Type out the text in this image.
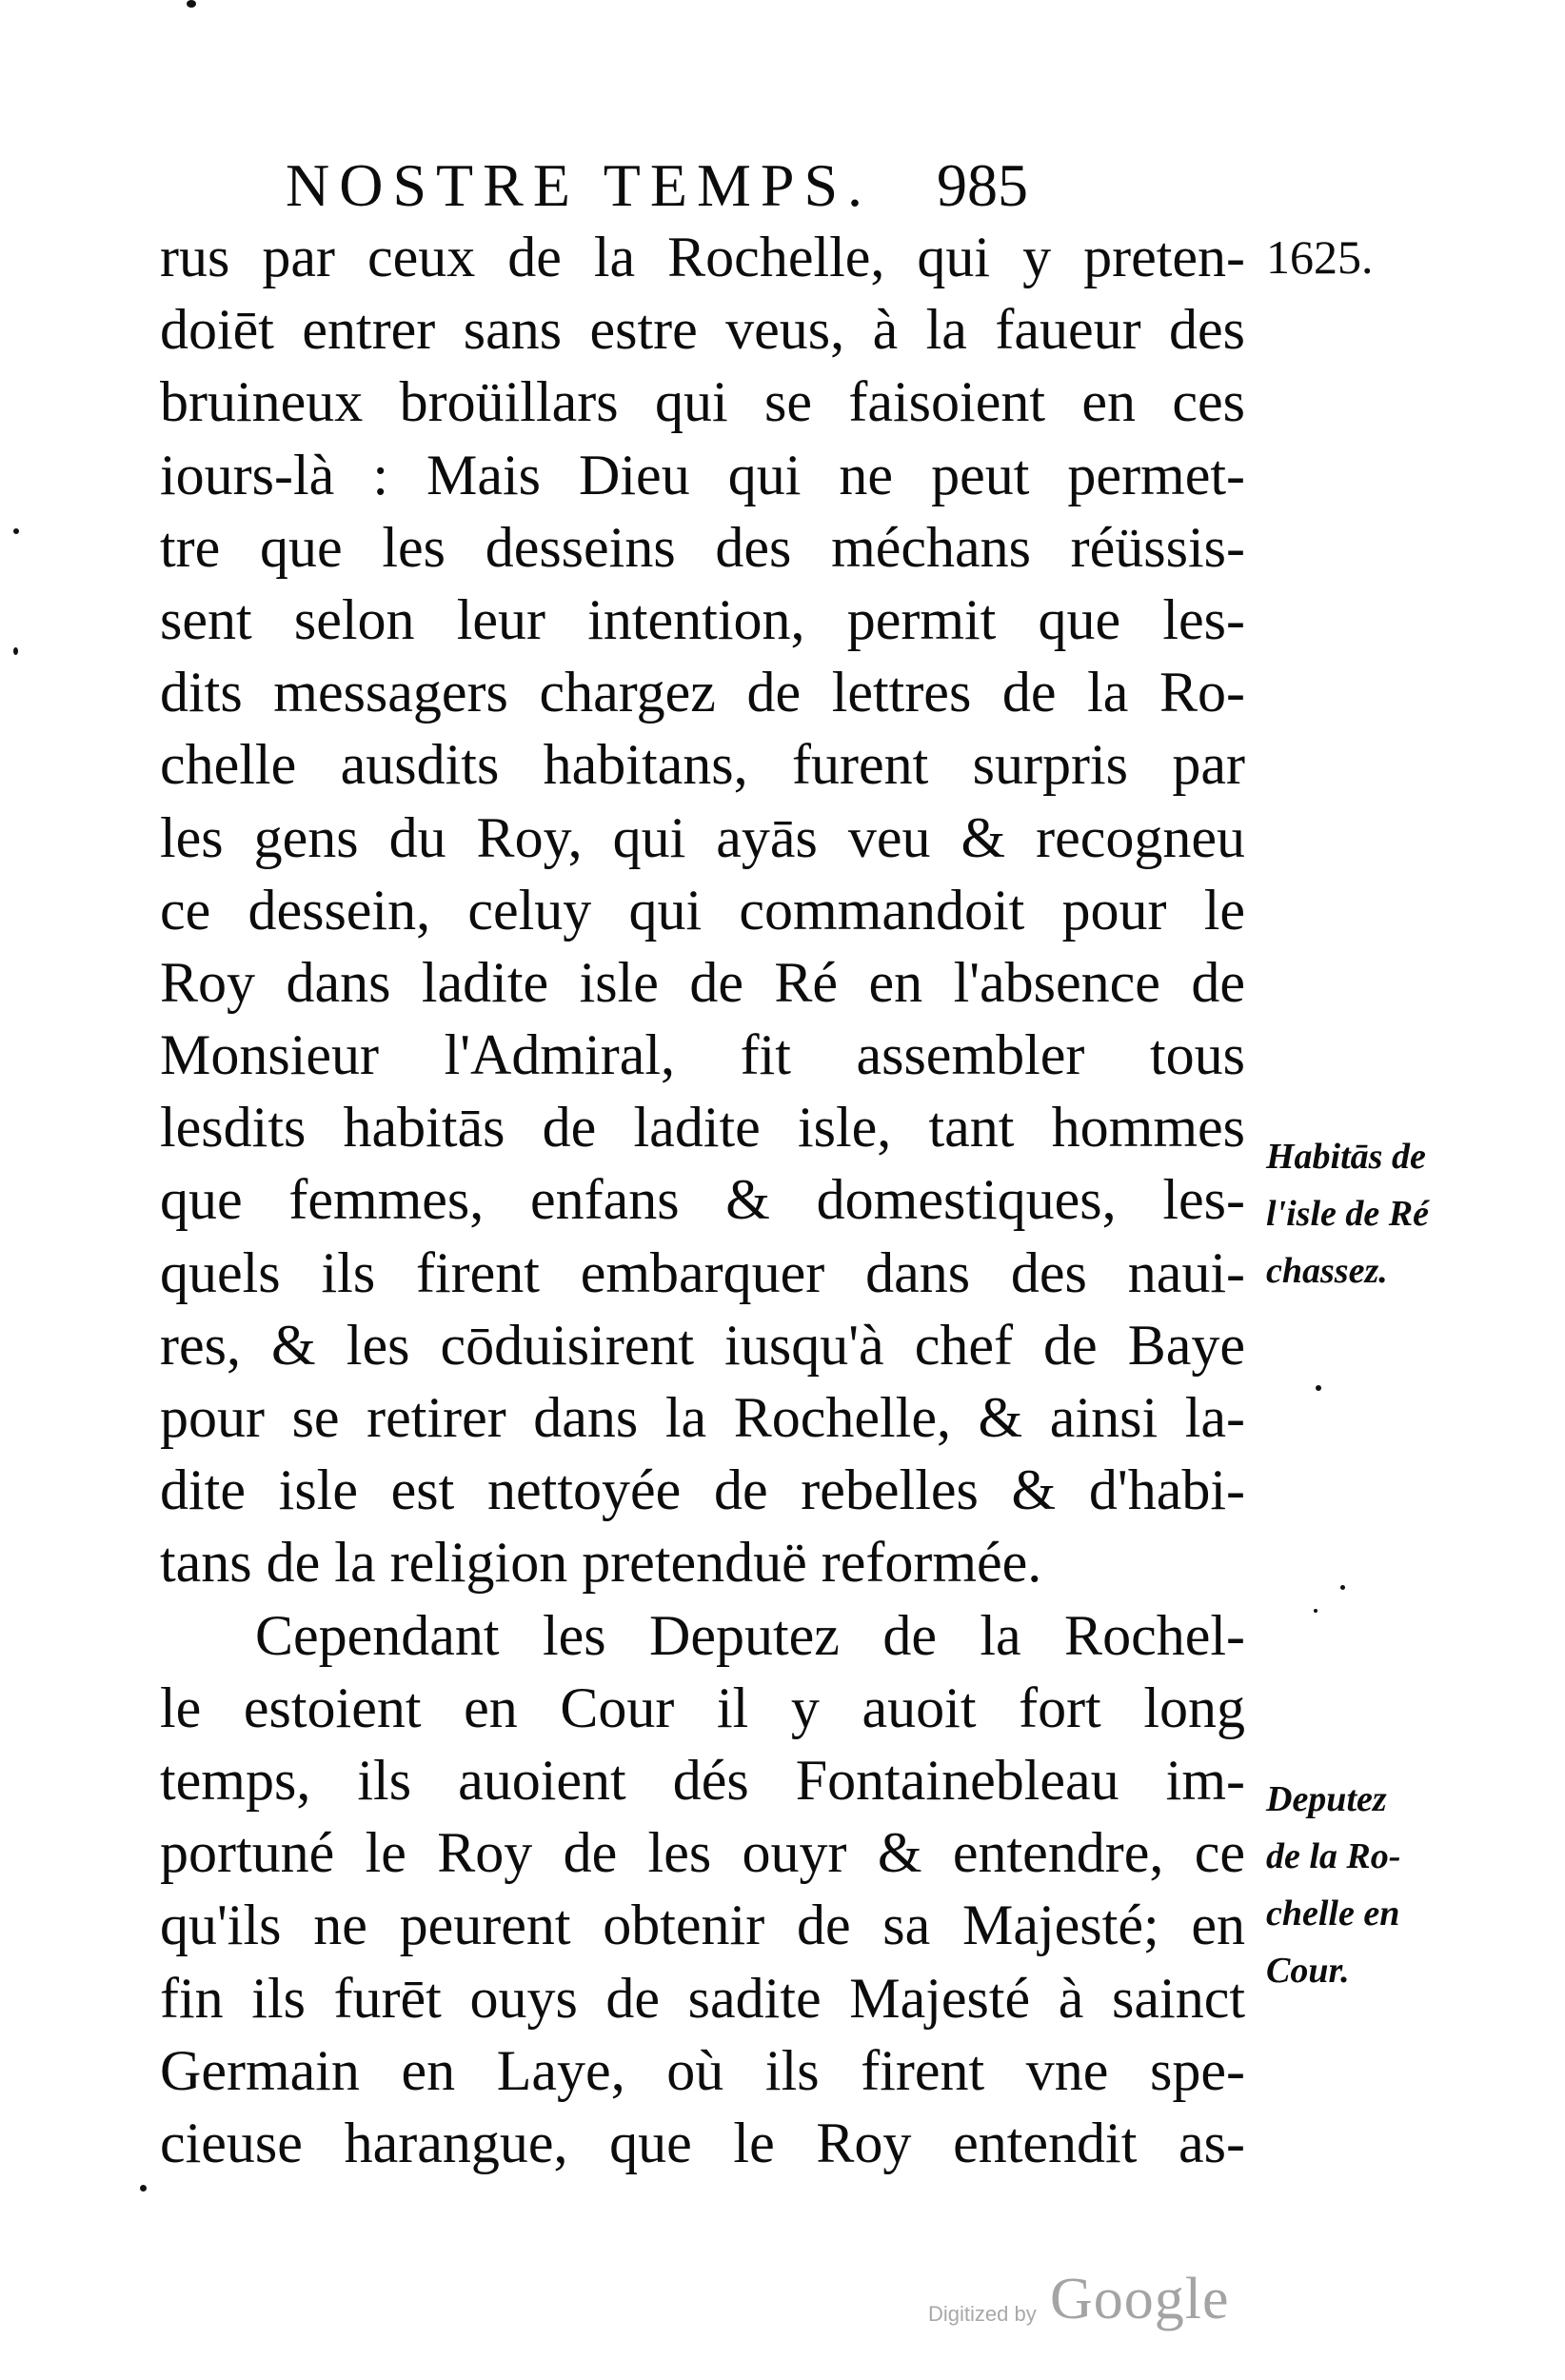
NOSTRE TEMPS. 985
1625.
rus par ceux de la Rochelle, qui y preten-
doiēt entrer sans estre veus, à la faueur des
bruineux broüillars qui se faisoient en ces
iours-là : Mais Dieu qui ne peut permet-
tre que les desseins des méchans réüssis-
sent selon leur intention, permit que les-
dits messagers chargez de lettres de la Ro-
chelle ausdits habitans, furent surpris par
les gens du Roy, qui ayās veu & recogneu
ce dessein, celuy qui commandoit pour le
Roy dans ladite isle de Ré en l'absence de
Monsieur l'Admiral, fit assembler tous
lesdits habitās de ladite isle, tant hommes
que femmes, enfans & domestiques, les-
quels ils firent embarquer dans des naui-
res, & les cōduisirent iusqu'à chef de Baye
pour se retirer dans la Rochelle, & ainsi la-
dite isle est nettoyée de rebelles & d'habi-
tans de la religion pretenduë reformée.
Cependant les Deputez de la Rochel-
le estoient en Cour il y auoit fort long
temps, ils auoient dés Fontainebleau im-
portuné le Roy de les ouyr & entendre, ce
qu'ils ne peurent obtenir de sa Majesté; en
fin ils furēt ouys de sadite Majesté à sainct
Germain en Laye, où ils firent vne spe-
cieuse harangue, que le Roy entendit as-
Habitās de
l'isle de Ré
chassez.
Deputez
de la Ro-
chelle en
Cour.
Digitized by Google
